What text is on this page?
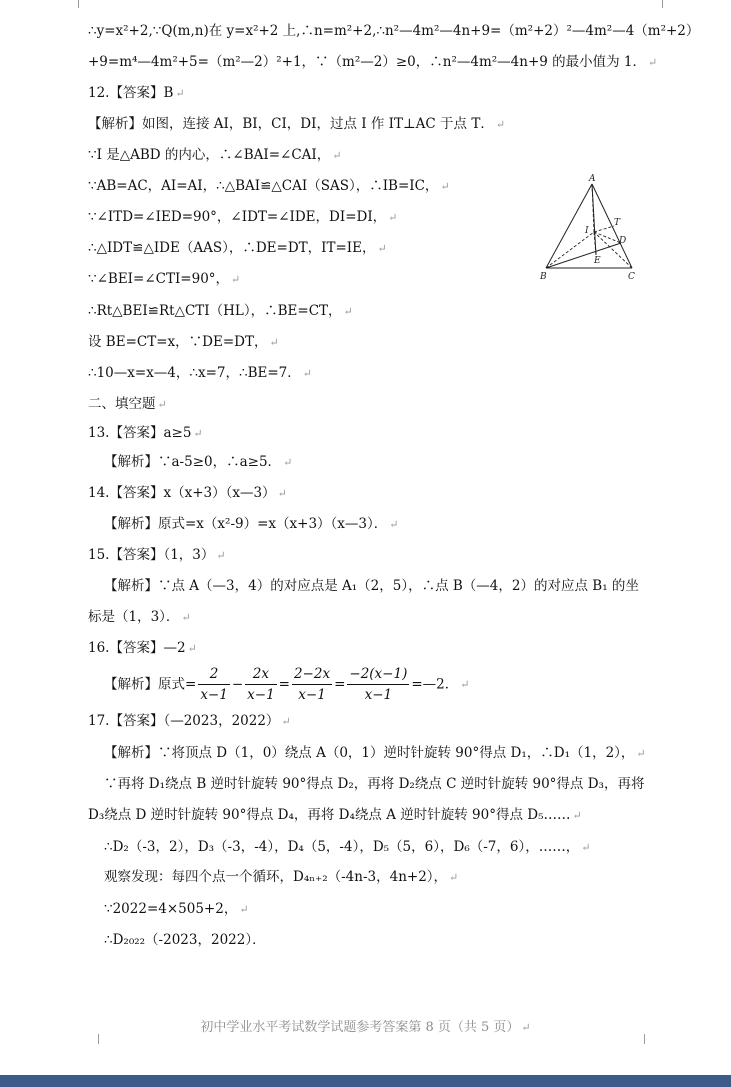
∴y=x²+2,∵Q(m,n)在 y=x²+2 上,∴n=m²+2,∴n²—4m²—4n+9=（m²+2）²—4m²—4（m²+2）
+9=m⁴—4m²+5=（m²—2）²+1，∵（m²—2）≥0，∴n²—4m²—4n+9 的最小值为 1． ↵
12.【答案】B ↵
【解析】如图，连接 AI，BI，CI，DI，过点 I 作 IT⊥AC 于点 T． ↵
∵I 是△ABD 的内心，∴∠BAI=∠CAI， ↵
∵AB=AC，AI=AI，∴△BAI≌△CAI（SAS），∴IB=IC， ↵
∵∠ITD=∠IED=90°，∠IDT=∠IDE，DI=DI， ↵
∴△IDT≌△IDE（AAS），∴DE=DT，IT=IE， ↵
∵∠BEI=∠CTI=90°， ↵
∴Rt△BEI≌Rt△CTI（HL），∴BE=CT， ↵
设 BE=CT=x，∵DE=DT， ↵
∴10—x=x—4，∴x=7，∴BE=7． ↵
二、填空题 ↵
13.【答案】a≥5 ↵
【解析】∵a-5≥0，∴a≥5． ↵
14.【答案】x（x+3）（x—3） ↵
【解析】原式=x（x²-9）=x（x+3）（x—3）． ↵
15.【答案】（1，3） ↵
【解析】∵点 A（—3，4）的对应点是 A₁（2，5），∴点 B（—4，2）的对应点 B₁ 的坐
标是（1，3）． ↵
16.【答案】—2 ↵
【解析】原式= $\frac{2}{x-1} - \frac{2x}{x-1} = \frac{2-2x}{x-1} = \frac{-2(x-1)}{x-1}$ =—2． ↵
17.【答案】（—2023，2022） ↵
【解析】∵将顶点 D（1，0）绕点 A（0，1）逆时针旋转 90°得点 D₁，∴D₁（1，2）， ↵
∵再将 D₁绕点 B 逆时针旋转 90°得点 D₂，再将 D₂绕点 C 逆时针旋转 90°得点 D₃，再将
D₃绕点 D 逆时针旋转 90°得点 D₄，再将 D₄绕点 A 逆时针旋转 90°得点 D₅…… ↵
∴D₂（-3，2），D₃（-3，-4），D₄（5，-4），D₅（5，6），D₆（-7，6），……， ↵
观察发现：每四个点一个循环，D₄ₙ₊₂（-4n-3，4n+2）， ↵
∵2022=4×505+2， ↵
∴D₂₀₂₂（-2023，2022）．
A
T
I
D
E
B	C
初中学业水平考试数学试题参考答案第 8 页（共 5 页） ↵
